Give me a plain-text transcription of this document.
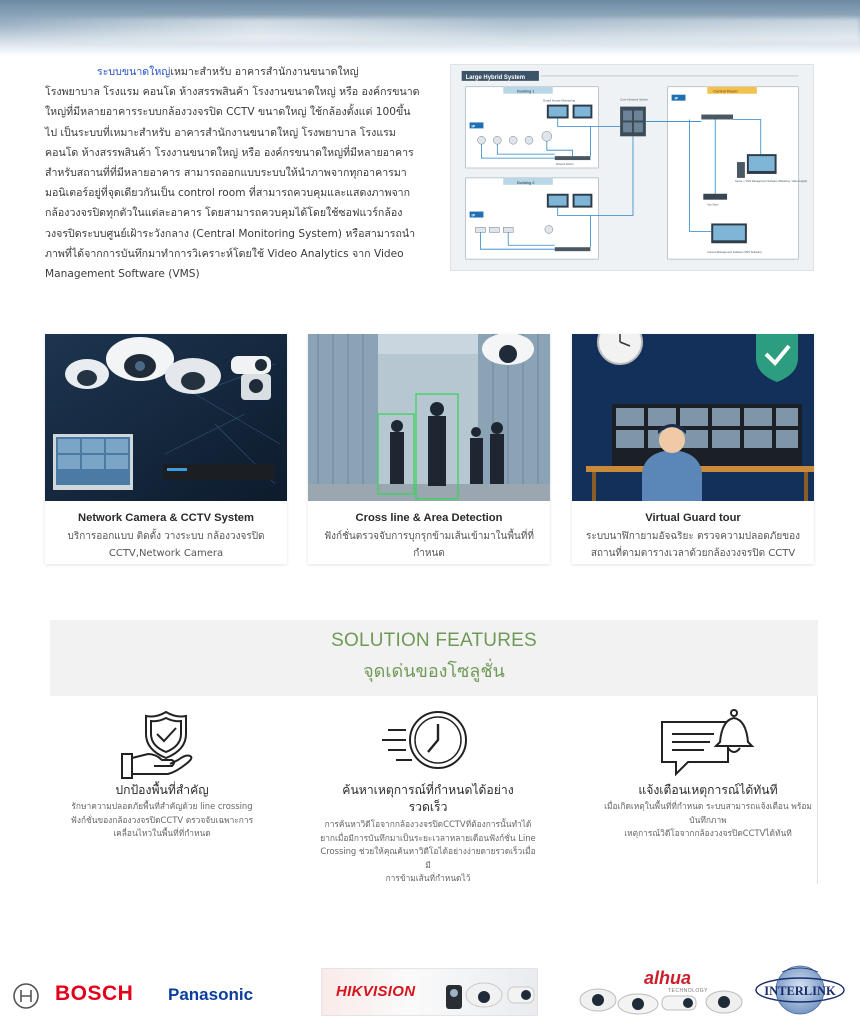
ระบบขนาดใหญ่เหมาะสำหรับ อาคารสำนักงานขนาดใหญ่
โรงพยาบาล โรงแรม คอนโด ห้างสรรพสินค้า โรงงานขนาดใหญ่ หรือ องค์กรขนาด
ใหญ่ที่มีหลายอาคารระบบกล้องวงจรปิด CCTV ขนาดใหญ่ ใช้กล้องตั้งแต่ 100ขึ้น
ไป เป็นระบบที่เหมาะสำหรับ อาคารสำนักงานขนาดใหญ่ โรงพยาบาล โรงแรม
คอนโด ห้างสรรพสินค้า โรงงานขนาดใหญ่ หรือ องค์กรขนาดใหญ่ที่มีหลายอาคาร
สำหรับสถานที่ที่มีหลายอาคาร สามารถออกแบบระบบให้นำภาพจากทุกอาคารมา
มอนิเตอร์อยู่ที่จุดเดียวกันเป็น control room ที่สามารถควบคุมและแสดงภาพจาก
กล้องวงจรปิดทุกตัวในแต่ละอาคาร โดยสามารถควบคุมได้โดยใช้ซอฟแวร์กล้อง
วงจรปิดระบบศูนย์เฝ้าระวังกลาง (Central Monitoring System) หรือสามารถนำ
ภาพที่ได้จากการบันทึกมาทำการวิเคราะห์โดยใช้ Video Analytics จาก Video
Management Software (VMS)
Large Hybrid System
Building 1
Guard House Monitoring
IP
Network Switch
Building 2
IP
Core Network Switch
Control Room
IP
Server + VGD Management Software (Milestone, Video Insight)
Key Store
Camera Management Software (VMS Software)
Network Camera & CCTV System
บริการออกแบบ ติดตั้ง วางระบบ กล้องวงจรปิด
CCTV,Network Camera
Cross line & Area Detection
ฟังก์ชั่นตรวจจับการบุกรุกข้ามเส้นเข้ามาในพื้นที่ที่
กำหนด
Virtual Guard tour
ระบบนาฬิกายามอัจฉริยะ ตรวจความปลอดภัยของ
สถานที่ตามตารางเวลาด้วยกล้องวงจรปิด CCTV
SOLUTION FEATURES
จุดเด่นของโซลูชั่น
ปกป้องพื้นที่สำคัญ
รักษาความปลอดภัยพื้นที่สำคัญด้วย line crossing
ฟังก์ชั่นของกล้องวงจรปิดCCTV ตรวจจับเฉพาะการ
เคลื่อนไหวในพื้นที่ที่กำหนด
ค้นหาเหตุการณ์ที่กำหนดได้อย่าง
รวดเร็ว
การค้นหาวิดีโอจากกล้องวงจรปิดCCTVที่ต้องการนั้นทำได้
ยากเมื่อมีการบันทึกมาเป็นระยะเวลาหลายเดือนฟังก์ชั่น Line
Crossing ช่วยให้คุณค้นหาวิดีโอได้อย่างง่ายดายรวดเร็วเมื่อมี
การข้ามเส้นที่กำหนดไว้
แจ้งเตือนเหตุการณ์ได้ทันที
เมื่อเกิดเหตุในพื้นที่ที่กำหนด ระบบสามารถแจ้งเตือน พร้อมบันทึกภาพ
เหตุการณ์วิดีโอจากกล้องวงจรปิดCCTVได้ทันที
BOSCH Panasonic	HIKVISION
alhua
TECHNOLOGY	INTERLINK
